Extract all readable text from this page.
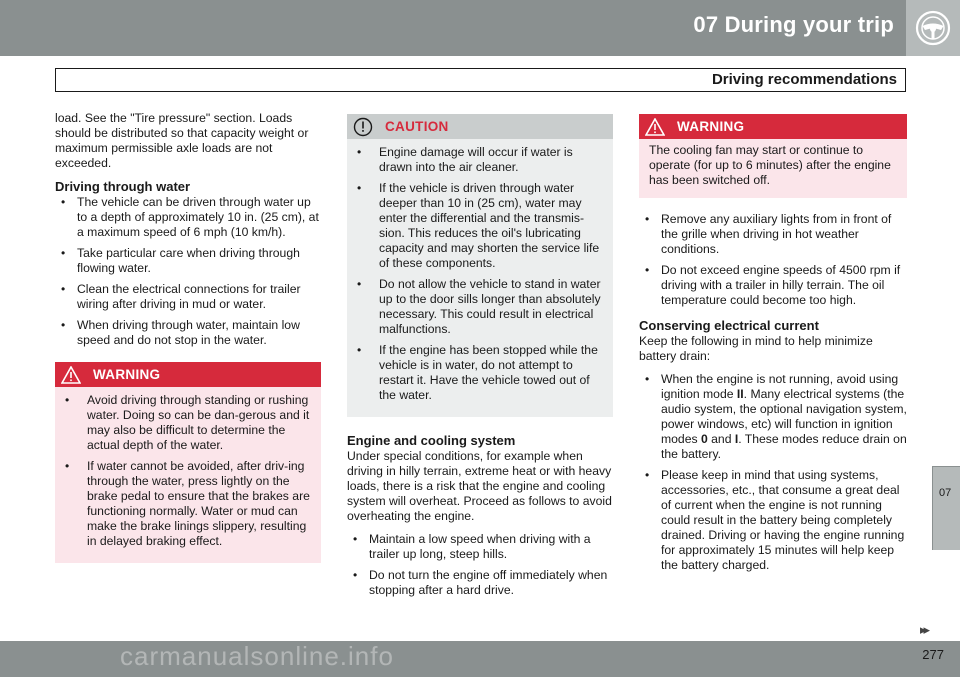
07 During your trip
Driving recommendations

load. See the "Tire pressure" section. Loads should be distributed so that capacity weight or maximum permissible axle loads are not exceeded.

Driving through water
• The vehicle can be driven through water up to a depth of approximately 10 in. (25 cm), at a maximum speed of 6 mph (10 km/h).
• Take particular care when driving through flowing water.
• Clean the electrical connections for trailer wiring after driving in mud or water.
• When driving through water, maintain low speed and do not stop in the water.
WARNING
• Avoid driving through standing or rushing water. Doing so can be dan-gerous and it may also be difficult to determine the actual depth of the water.
• If water cannot be avoided, after driv-ing through the water, press lightly on the brake pedal to ensure that the brakes are functioning normally. Water or mud can make the brake linings slippery, resulting in delayed braking effect.
CAUTION
• Engine damage will occur if water is drawn into the air cleaner.
• If the vehicle is driven through water deeper than 10 in (25 cm), water may enter the differential and the transmis-sion. This reduces the oil's lubricating capacity and may shorten the service life of these components.
• Do not allow the vehicle to stand in water up to the door sills longer than absolutely necessary. This could result in electrical malfunctions.
• If the engine has been stopped while the vehicle is in water, do not attempt to restart it. Have the vehicle towed out of the water.
Engine and cooling system

Under special conditions, for example when driving in hilly terrain, extreme heat or with heavy loads, there is a risk that the engine and cooling system will overheat. Proceed as follows to avoid overheating the engine.

• Maintain a low speed when driving with a trailer up long, steep hills.
• Do not turn the engine off immediately when stopping after a hard drive.
WARNING
The cooling fan may start or continue to operate (for up to 6 minutes) after the engine has been switched off.
• Remove any auxiliary lights from in front of the grille when driving in hot weather conditions.
• Do not exceed engine speeds of 4500 rpm if driving with a trailer in hilly terrain. The oil temperature could become too high.
Conserving electrical current

Keep the following in mind to help minimize battery drain:

• When the engine is not running, avoid using ignition mode II. Many electrical systems (the audio system, the optional navigation system, power windows, etc) will function in ignition modes 0 and I. These modes reduce drain on the battery.
• Please keep in mind that using systems, accessories, etc., that consume a great deal of current when the engine is not running could result in the battery being completely drained. Driving or having the engine running for approximately 15 minutes will help keep the battery charged.
07
▸▸
277
carmanualsonline.info
